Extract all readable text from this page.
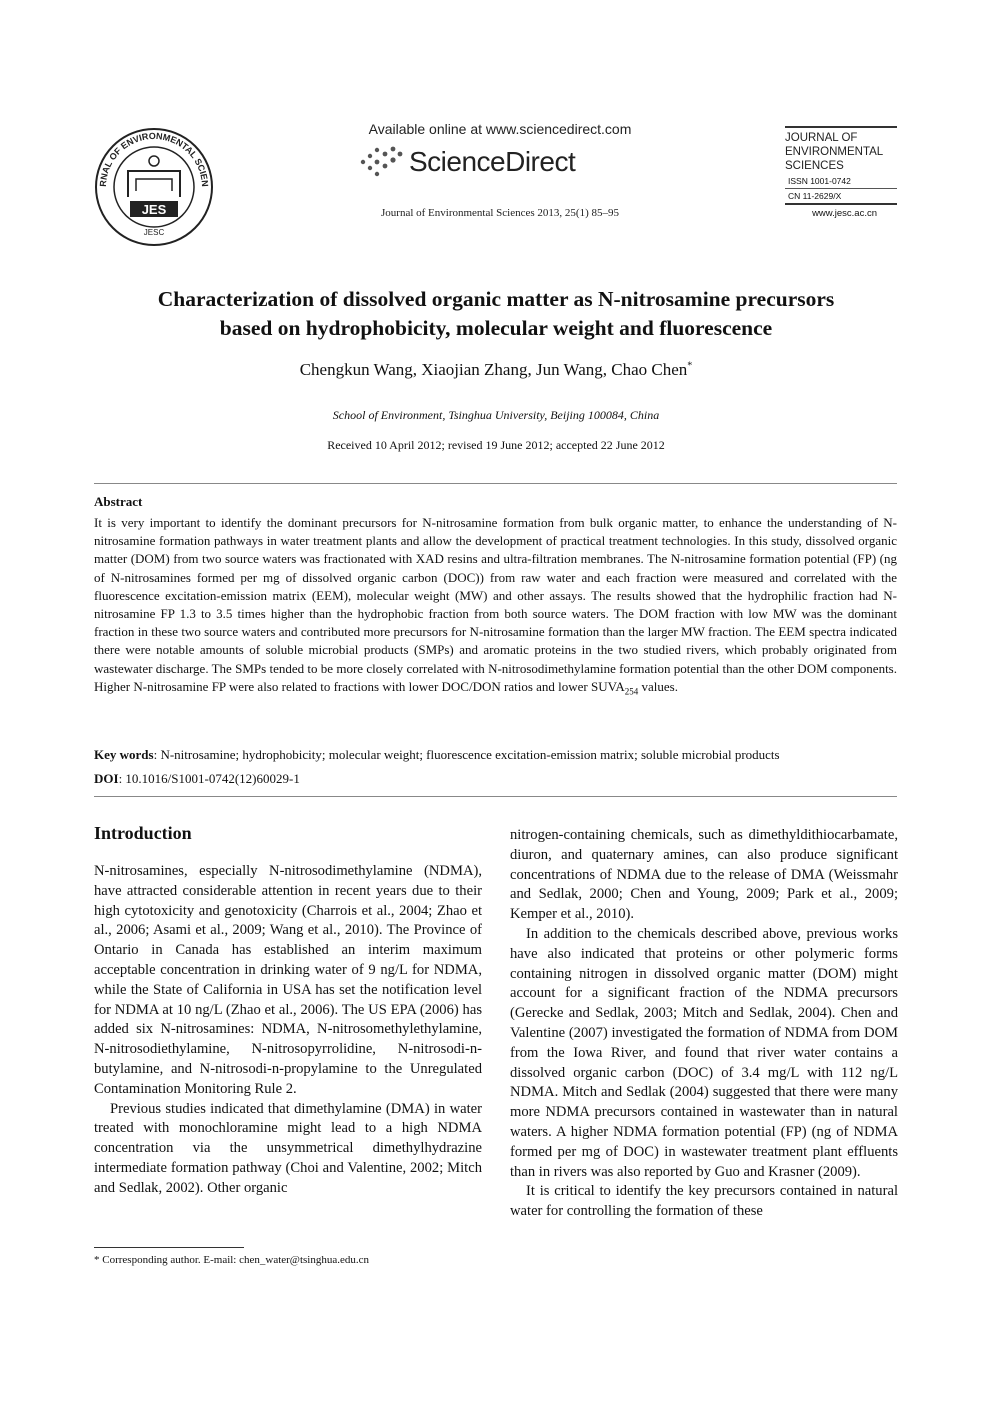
JES
JESC
RNAL OF ENVIRONMENTAL SCIEN
Available online at www.sciencedirect.com
ScienceDirect
Journal of Environmental Sciences 2013, 25(1) 85–95
JOURNAL OF
ENVIRONMENTAL
SCIENCES
ISSN 1001-0742
CN 11-2629/X
www.jesc.ac.cn
Characterization of dissolved organic matter as N-nitrosamine precursors
based on hydrophobicity, molecular weight and fluorescence
Chengkun Wang, Xiaojian Zhang, Jun Wang, Chao Chen*
School of Environment, Tsinghua University, Beijing 100084, China
Received 10 April 2012; revised 19 June 2012; accepted 22 June 2012
Abstract
It is very important to identify the dominant precursors for N-nitrosamine formation from bulk organic matter, to enhance the understanding of N-nitrosamine formation pathways in water treatment plants and allow the development of practical treatment technologies. In this study, dissolved organic matter (DOM) from two source waters was fractionated with XAD resins and ultra-filtration membranes. The N-nitrosamine formation potential (FP) (ng of N-nitrosamines formed per mg of dissolved organic carbon (DOC)) from raw water and each fraction were measured and correlated with the fluorescence excitation-emission matrix (EEM), molecular weight (MW) and other assays. The results showed that the hydrophilic fraction had N-nitrosamine FP 1.3 to 3.5 times higher than the hydrophobic fraction from both source waters. The DOM fraction with low MW was the dominant fraction in these two source waters and contributed more precursors for N-nitrosamine formation than the larger MW fraction. The EEM spectra indicated there were notable amounts of soluble microbial products (SMPs) and aromatic proteins in the two studied rivers, which probably originated from wastewater discharge. The SMPs tended to be more closely correlated with N-nitrosodimethylamine formation potential than the other DOM components. Higher N-nitrosamine FP were also related to fractions with lower DOC/DON ratios and lower $SUVA_{254}$ values.
Key words: N-nitrosamine; hydrophobicity; molecular weight; fluorescence excitation-emission matrix; soluble microbial products
DOI: 10.1016/S1001-0742(12)60029-1
Introduction

N-nitrosamines, especially N-nitrosodimethylamine (NDMA), have attracted considerable attention in recent years due to their high cytotoxicity and genotoxicity (Charrois et al., 2004; Zhao et al., 2006; Asami et al., 2009; Wang et al., 2010). The Province of Ontario in Canada has established an interim maximum acceptable concentration in drinking water of 9 ng/L for NDMA, while the State of California in USA has set the notification level for NDMA at 10 ng/L (Zhao et al., 2006). The US EPA (2006) has added six N-nitrosamines: NDMA, N-nitrosomethylethylamine, N-nitrosodiethylamine, N-nitrosopyrrolidine, N-nitrosodi-n-butylamine, and N-nitrosodi-n-propylamine to the Unregulated Contamination Monitoring Rule 2.

Previous studies indicated that dimethylamine (DMA) in water treated with monochloramine might lead to a high NDMA concentration via the unsymmetrical dimethylhydrazine intermediate formation pathway (Choi and Valentine, 2002; Mitch and Sedlak, 2002). Other organic

nitrogen-containing chemicals, such as dimethyldithiocarbamate, diuron, and quaternary amines, can also produce significant concentrations of NDMA due to the release of DMA (Weissmahr and Sedlak, 2000; Chen and Young, 2009; Park et al., 2009; Kemper et al., 2010).

In addition to the chemicals described above, previous works have also indicated that proteins or other polymeric forms containing nitrogen in dissolved organic matter (DOM) might account for a significant fraction of the NDMA precursors (Gerecke and Sedlak, 2003; Mitch and Sedlak, 2004). Chen and Valentine (2007) investigated the formation of NDMA from DOM from the Iowa River, and found that river water contains a dissolved organic carbon (DOC) of 3.4 mg/L with 112 ng/L NDMA. Mitch and Sedlak (2004) suggested that there were many more NDMA precursors contained in wastewater than in natural waters. A higher NDMA formation potential (FP) (ng of NDMA formed per mg of DOC) in wastewater treatment plant effluents than in rivers was also reported by Guo and Krasner (2009).

It is critical to identify the key precursors contained in natural water for controlling the formation of these

* Corresponding author. E-mail: chen_water@tsinghua.edu.cn
